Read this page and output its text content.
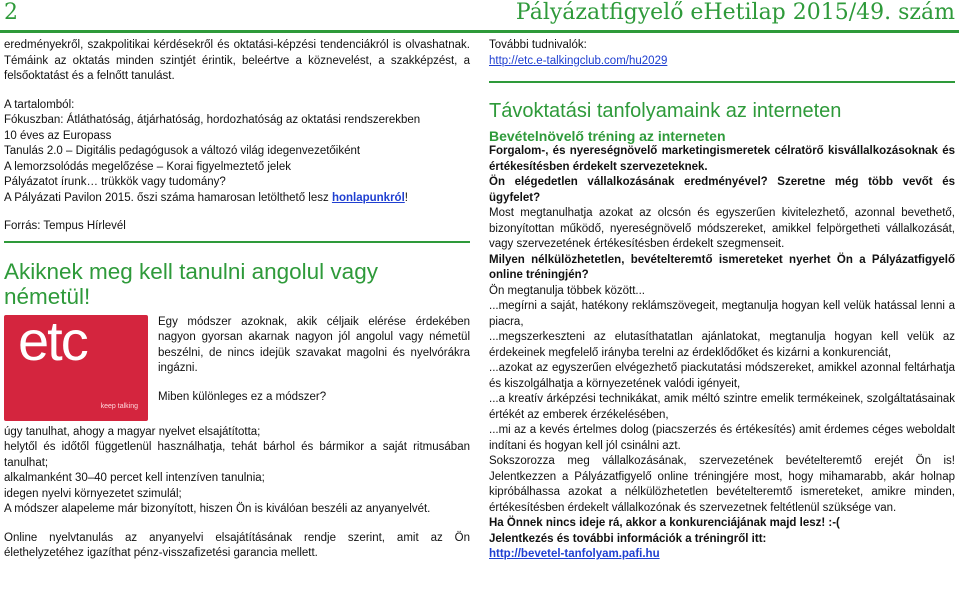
2	Pályázatfigyelő eHetilap 2015/49. szám

eredményekről, szakpolitikai kérdésekről és oktatási-képzési tendenciákról is olvashatnak. Témáink az oktatás minden szintjét érintik, beleértve a köznevelést, a szakképzést, a felsőoktatást és a felnőtt tanulást.

A tartalomból:

Fókuszban: Átláthatóság, átjárhatóság, hordozhatóság az oktatási rendszerekben

10 éves az Europass

Tanulás 2.0 – Digitális pedagógusok a változó világ idegenvezetőiként

A lemorzsolódás megelőzése – Korai figyelmeztető jelek

Pályázatot írunk… trükkök vagy tudomány?

A Pályázati Pavilon 2015. őszi száma hamarosan letölthető lesz honlapunkról!

Forrás: Tempus Hírlevél

Akiknek meg kell tanulni angolul vagy németül!
etc
keep talking

Egy módszer azoknak, akik céljaik elérése érdekében nagyon gyorsan akarnak nagyon jól angolul vagy németül beszélni, de nincs idejük szavakat magolni és nyelvórákra ingázni.

Miben különleges ez a módszer?

úgy tanulhat, ahogy a magyar nyelvet elsajátította;

helytől és időtől függetlenül használhatja, tehát bárhol és bármikor a saját ritmusában tanulhat;

alkalmanként 30–40 percet kell intenzíven tanulnia;

idegen nyelvi környezetet szimulál;

A módszer alapeleme már bizonyított, hiszen Ön is kiválóan beszéli az anyanyelvét.

Online nyelvtanulás az anyanyelvi elsajátításának rendje szerint, amit az Ön élethelyzetéhez igazíthat pénz-visszafizetési garancia mellett.

További tudnivalók:

http://etc.e-talkingclub.com/hu2029
Távoktatási tanfolyamaink az interneten
Bevételnövelő tréning az interneten

Forgalom-, és nyereségnövelő marketingismeretek célratörő kisvállalkozásoknak és értékesítésben érdekelt szervezeteknek.

Ön elégedetlen vállalkozásának eredményével? Szeretne még több vevőt és ügyfelet?

Most megtanulhatja azokat az olcsón és egyszerűen kivitelezhető, azonnal bevethető, bizonyítottan működő, nyereségnövelő módszereket, amikkel felpörgetheti vállalkozását, vagy szervezetének értékesítésben érdekelt szegmenseit.

Milyen nélkülözhetetlen, bevételteremtő ismereteket nyerhet Ön a Pályázatfigyelő online tréningjén?

Ön megtanulja többek között...

...megírni a saját, hatékony reklámszövegeit, megtanulja hogyan kell velük hatással lenni a piacra,

...megszerkeszteni az elutasíthatatlan ajánlatokat, megtanulja hogyan kell velük az érdekeinek megfelelő irányba terelni az érdeklődőket és kizárni a konkurenciát,

...azokat az egyszerűen elvégezhető piackutatási módszereket, amikkel azonnal feltárhatja és kiszolgálhatja a környezetének valódi igényeit,

...a kreatív árképzési technikákat, amik méltó szintre emelik termékeinek, szolgáltatásainak értékét az emberek érzékelésében,

...mi az a kevés értelmes dolog (piacszerzés és értékesítés) amit érdemes céges weboldalt indítani és hogyan kell jól csinálni azt.

Sokszorozza meg vállalkozásának, szervezetének bevételteremtő erejét Ön is! Jelentkezzen a Pályázatfigyelő online tréningjére most, hogy mihamarabb, akár holnap kipróbálhassa azokat a nélkülözhetetlen bevételteremtő ismereteket, amikre minden, értékesítésben érdekelt vállalkozónak és szervezetnek feltétlenül szüksége van.

Ha Önnek nincs ideje rá, akkor a konkurenciájának majd lesz! :-(

Jelentkezés és további információk a tréningről itt:

http://bevetel-tanfolyam.pafi.hu
